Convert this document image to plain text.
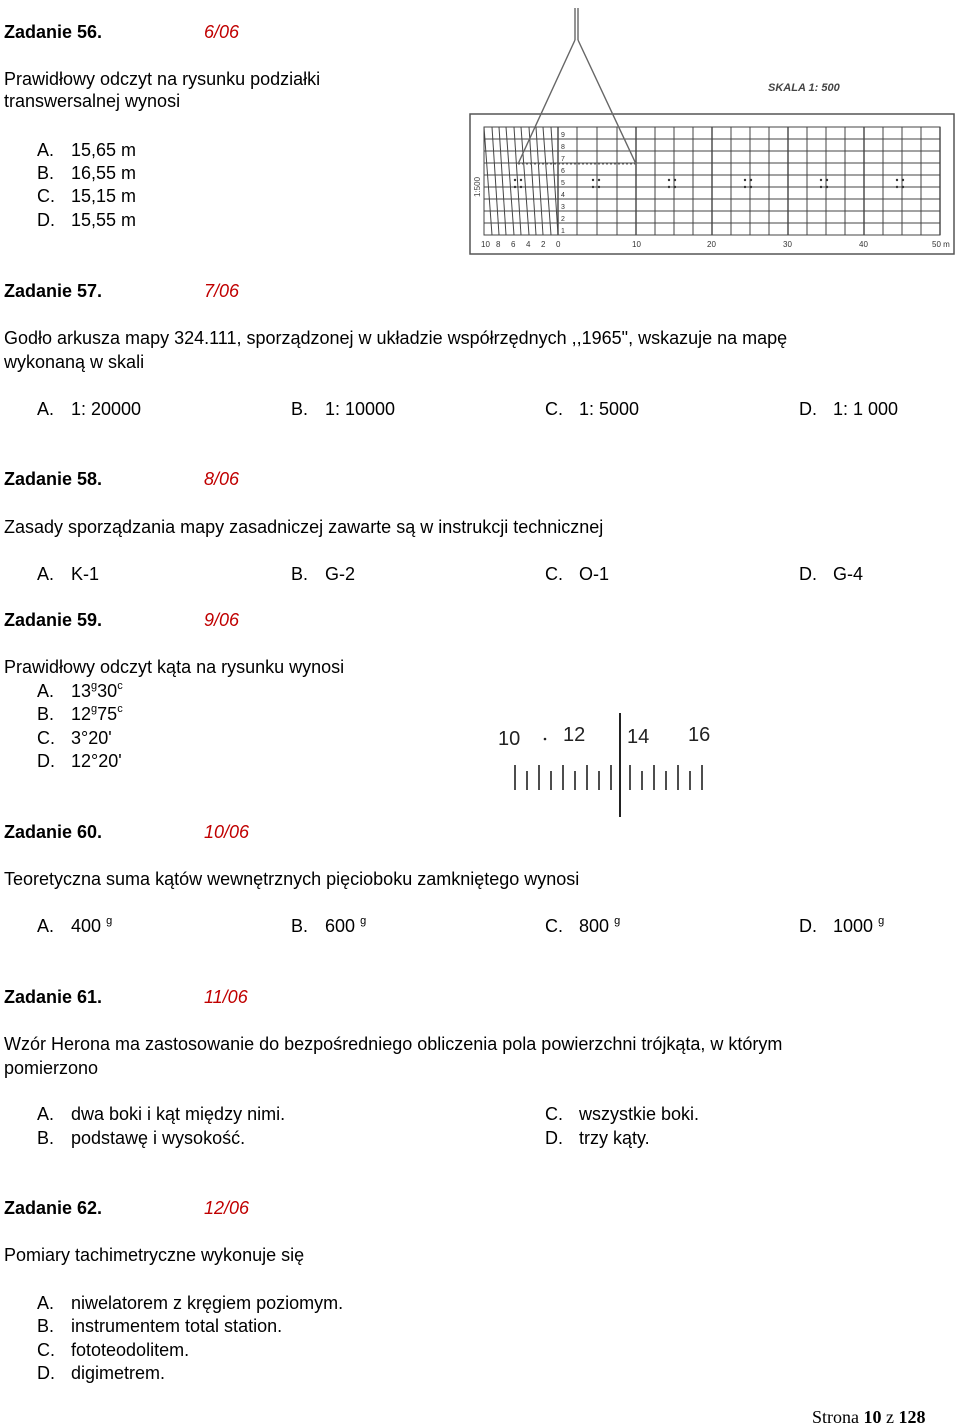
Zadanie 56.	6/06
Prawidłowy odczyt na rysunku podziałki transwersalnej wynosi
A. 15,65 m
B. 16,55 m
C. 15,15 m
D. 15,55 m
9
8
7
6
5
4
3
2
1
SKALA 1: 500
1:500
10 8 6 4 2 0	10	20	30	40	50 m
Zadanie 57.	7/06
Godło arkusza mapy 324.111, sporządzonej w układzie współrzędnych ,,1965", wskazuje na mapę
wykonaną w skali
A. 1: 20000	B. 1: 10000	C. 1: 5000	D. 1: 1 000
Zadanie 58.	8/06
Zasady sporządzania mapy zasadniczej zawarte są w instrukcji technicznej
A. K-1	B. G-2	C. O-1	D. G-4
Zadanie 59.	9/06
Prawidłowy odczyt kąta na rysunku wynosi
A. 13$^g$30$^c$
B. 12$^g$75$^c$
C. 3°20'
D. 12°20'
10 12 14 16
Zadanie 60.	10/06
Teoretyczna suma kątów wewnętrznych pięcioboku zamkniętego wynosi
A. 400 $^g$	B. 600 $^g$	C. 800 $^g$	D. 1000 $^g$
Zadanie 61.	11/06
Wzór Herona ma zastosowanie do bezpośredniego obliczenia pola powierzchni trójkąta, w którym
pomierzono
A. dwa boki i kąt między nimi.
B. podstawę i wysokość.
C. wszystkie boki.
D. trzy kąty.
Zadanie 62.	12/06
Pomiary tachimetryczne wykonuje się
A. niwelatorem z kręgiem poziomym.
B. instrumentem total station.
C. fototeodolitem.
D. digimetrem.
Strona 10 z 128
